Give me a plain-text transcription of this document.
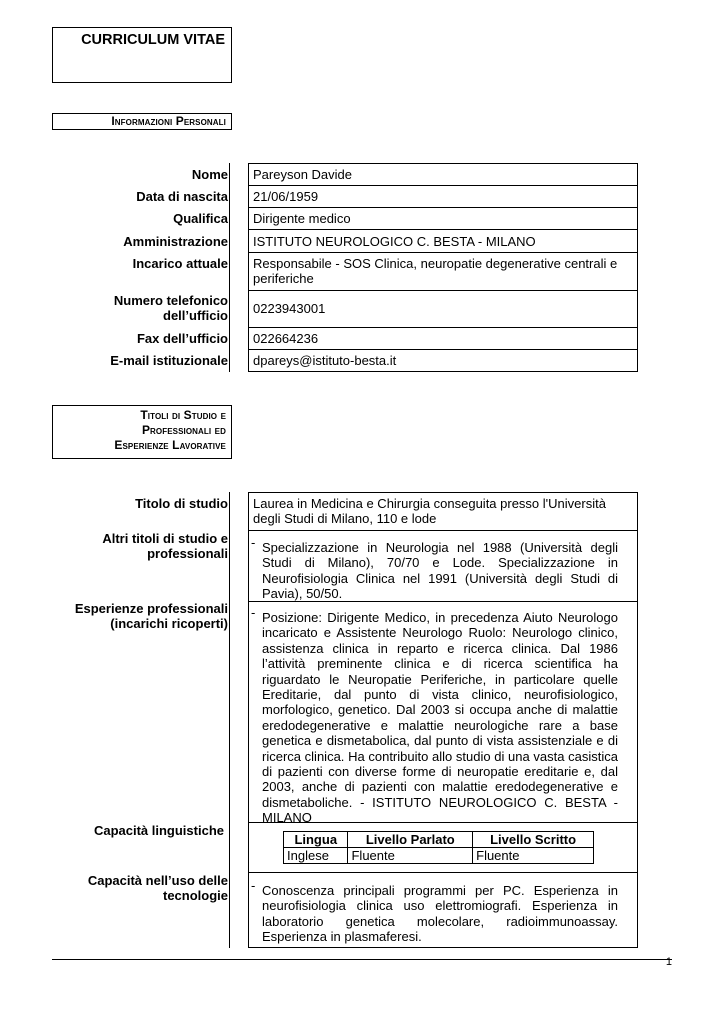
CURRICULUM VITAE
Informazioni Personali
Nome Pareyson Davide
Data di nascita 21/06/1959
Qualifica Dirigente medico
Amministrazione ISTITUTO NEUROLOGICO C. BESTA - MILANO
Incarico attuale Responsabile - SOS Clinica, neuropatie degenerative centrali e
periferiche
Numero telefonico
dell’ufficio 0223943001
Fax dell’ufficio 022664236
E-mail istituzionale dpareys@istituto-besta.it
Titoli di Studio e
Professionali ed
Esperienze Lavorative
Titolo di studio Laurea in Medicina e Chirurgia conseguita presso l'Università degli Studi di Milano, 110 e lode
Altri titoli di studio e
professionali
- Specializzazione in Neurologia nel 1988 (Università degli Studi di Milano), 70/70 e Lode. Specializzazione in Neurofisiologia Clinica nel 1991 (Università degli Studi di Pavia), 50/50.
Esperienze professionali
(incarichi ricoperti)
- Posizione: Dirigente Medico, in precedenza Aiuto Neurologo incaricato e Assistente Neurologo Ruolo: Neurologo clinico, assistenza clinica in reparto e ricerca clinica. Dal 1986 l’attività preminente clinica e di ricerca scientifica ha riguardato le Neuropatie Periferiche, in particolare quelle Ereditarie, dal punto di vista clinico, neurofisiologico, morfologico, genetico. Dal 2003 si occupa anche di malattie eredodegenerative e malattie neurologiche rare a base genetica e dismetabolica, dal punto di vista assistenziale e di ricerca clinica. Ha contribuito allo studio di una vasta casistica di pazienti con diverse forme di neuropatie ereditarie e, dal 2003, anche di pazienti con malattie eredodegenerative e dismetaboliche. - ISTITUTO NEUROLOGICO C. BESTA - MILANO
Capacità linguistiche
Lingua	Livello Parlato	Livello Scritto
Inglese	Fluente	Fluente
Capacità nell’uso delle
tecnologie
- Conoscenza principali programmi per PC. Esperienza in neurofisiologia clinica uso elettromiografi. Esperienza in laboratorio genetica molecolare, radioimmunoassay. Esperienza in plasmaferesi.
1
